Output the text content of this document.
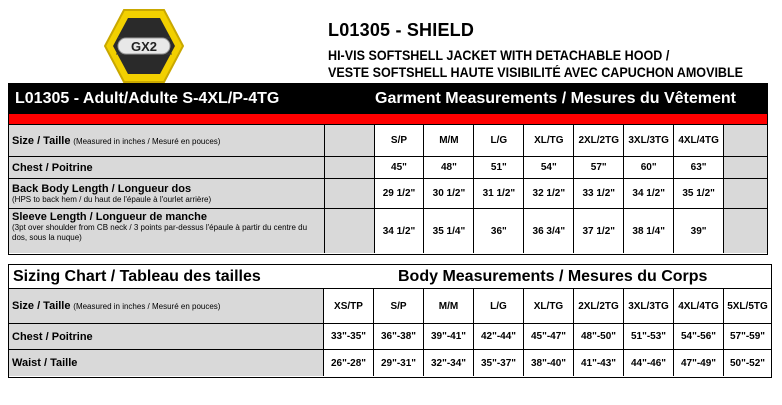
GX2
L01305 - SHIELD
HI-VIS SOFTSHELL JACKET WITH DETACHABLE HOOD /
VESTE SOFTSHELL HAUTE VISIBILITÉ AVEC CAPUCHON AMOVIBLE
L01305 - Adult/Adulte S-4XL/P-4TG	Garment Measurements / Mesures du Vêtement
Size / Taille (Measured in inches / Mesuré en pouces)	S/P	M/M	L/G	XL/TG	2XL/2TG 3XL/3TG 4XL/4TG
Chest / Poitrine	45"	48"	51"	54"	57"	60"	63"
Back Body Length / Longueur dos
(HPS to back hem / du haut de l'épaule à l'ourlet arrière)	29 1/2"	30 1/2"	31 1/2"	32 1/2"	33 1/2"	34 1/2"	35 1/2"
Sleeve Length / Longueur de manche
(3pt over shoulder from CB neck / 3 points par-dessus l'épaule à partir du centre du dos, sous la nuque)
34 1/2"	35 1/4"	36"	36 3/4"	37 1/2"	38 1/4"	39"
Sizing Chart / Tableau des tailles	Body Measurements / Mesures du Corps
Size / Taille (Measured in inches / Mesuré en pouces)	XS/TP	S/P	M/M	L/G	XL/TG	2XL/2TG 3XL/3TG 4XL/4TG 5XL/5TG
Chest / Poitrine	33"-35"	36"-38"	39"-41"	42"-44"	45"-47"	48"-50"	51"-53"	54"-56"	57"-59"
Waist / Taille	26"-28"	29"-31"	32"-34"	35"-37"	38"-40"	41"-43"	44"-46"	47"-49"	50"-52"
